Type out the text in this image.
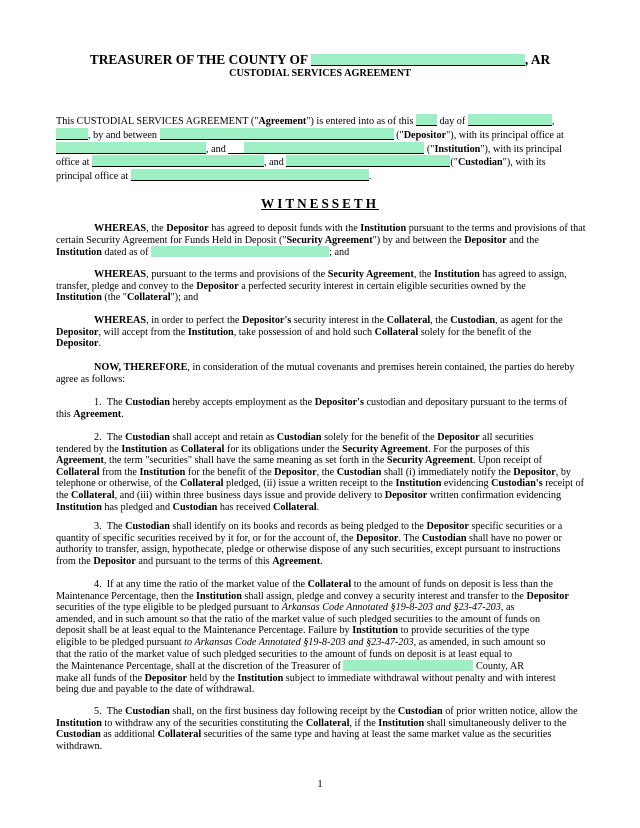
TREASURER OF THE COUNTY OF	, AR
CUSTODIAL SERVICES AGREEMENT
This CUSTODIAL SERVICES AGREEMENT ("Agreement") is entered into as of this	day of	,
, by and between	("Depositor"), with its principal office at
, and	("Institution"), with its principal
office at	, and	("Custodian"), with its
principal office at	.
WITNESSETH

WHEREAS, the Depositor has agreed to deposit funds with the Institution pursuant to the terms and provisions of that
certain Security Agreement for Funds Held in Deposit ("Security Agreement") by and between the Depositor and the
Institution dated as of	; and

WHEREAS, pursuant to the terms and provisions of the Security Agreement, the Institution has agreed to assign,
transfer, pledge and convey to the Depositor a perfected security interest in certain eligible securities owned by the
Institution (the "Collateral"); and

WHEREAS, in order to perfect the Depositor's security interest in the Collateral, the Custodian, as agent for the
Depositor, will accept from the Institution, take possession of and hold such Collateral solely for the benefit of the
Depositor.

NOW, THEREFORE, in consideration of the mutual covenants and premises herein contained, the parties do hereby
agree as follows:

1.  The Custodian hereby accepts employment as the Depositor's custodian and depositary pursuant to the terms of
this Agreement.

2.  The Custodian shall accept and retain as Custodian solely for the benefit of the Depositor all securities
tendered by the Institution as Collateral for its obligations under the Security Agreement. For the purposes of this
Agreement, the term "securities" shall have the same meaning as set forth in the Security Agreement. Upon receipt of
Collateral from the Institution for the benefit of the Depositor, the Custodian shall (i) immediately notify the Depositor, by
telephone or otherwise, of the Collateral pledged, (ii) issue a written receipt to the Institution evidencing Custodian's receipt of
the Collateral, and (iii) within three business days issue and provide delivery to Depositor written confirmation evidencing
Institution has pledged and Custodian has received Collateral.

3.  The Custodian shall identify on its books and records as being pledged to the Depositor specific securities or a
quantity of specific securities received by it for, or for the account of, the Depositor. The Custodian shall have no power or
authority to transfer, assign, hypothecate, pledge or otherwise dispose of any such securities, except pursuant to instructions
from the Depositor and pursuant to the terms of this Agreement.

4.  If at any time the ratio of the market value of the Collateral to the amount of funds on deposit is less than the
Maintenance Percentage, then the Institution shall assign, pledge and convey a security interest and transfer to the Depositor
securities of the type eligible to be pledged pursuant to Arkansas Code Annotated §19-8-203 and §23-47-203, as
amended, and in such amount so that the ratio of the market value of such pledged securities to the amount of funds on
deposit shall be at least equal to the Maintenance Percentage. Failure by Institution to provide securities of the type
eligible to be pledged pursuant to Arkansas Code Annotated §19-8-203 and §23-47-203, as amended, in such amount so
that the ratio of the market value of such pledged securities to the amount of funds on deposit is at least equal to
the Maintenance Percentage, shall at the discretion of the Treasurer of	County, AR
make all funds of the Depositor held by the Institution subject to immediate withdrawal without penalty and with interest
being due and payable to the date of withdrawal.

5.  The Custodian shall, on the first business day following receipt by the Custodian of prior written notice, allow the
Institution to withdraw any of the securities constituting the Collateral, if the Institution shall simultaneously deliver to the
Custodian as additional Collateral securities of the same type and having at least the same market value as the securities
withdrawn.

1
